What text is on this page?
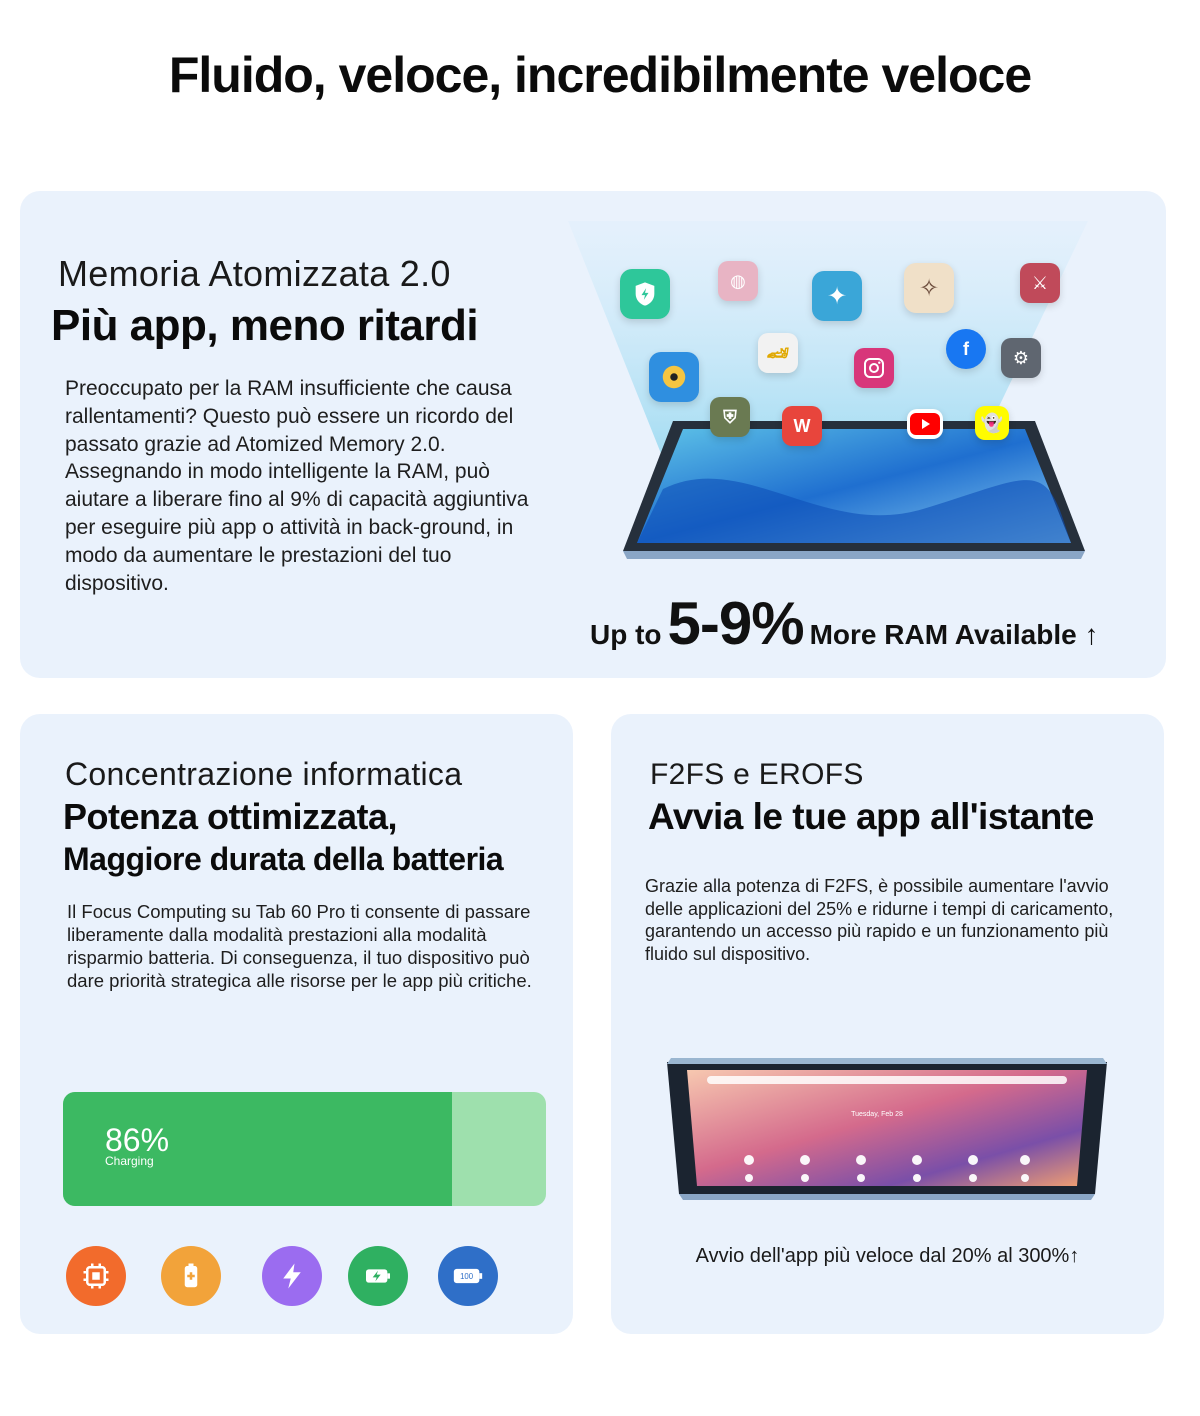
Fluido, veloce, incredibilmente veloce
Memoria Atomizzata 2.0
Più app, meno ritardi

Preoccupato per la RAM insufficiente che causa rallentamenti? Questo può essere un ricordo del passato grazie ad Atomized Memory 2.0. Assegnando in modo intelligente la RAM, può aiutare a liberare fino al 9% di capacità aggiuntiva per eseguire più app o attività in back-ground, in modo da aumentare le prestazioni del tuo dispositivo.

◍
✦	✧	⚔
🏎	f	⚙
⛨	W	👻
Up to 5-9% More RAM Available ↑
Concentrazione informatica
Potenza ottimizzata,
Maggiore durata della batteria

Il Focus Computing su Tab 60 Pro ti consente di passare liberamente dalla modalità prestazioni alla modalità risparmio batteria. Di conseguenza, il tuo dispositivo può dare priorità strategica alle risorse per le app più critiche.

86%
Charging
100
F2FS e EROFS
Avvia le tue app all'istante

Grazie alla potenza di F2FS, è possibile aumentare l'avvio delle applicazioni del 25% e ridurne i tempi di caricamento, garantendo un accesso più rapido e un funzionamento più fluido sul dispositivo.

Tuesday, Feb 28
Avvio dell'app più veloce dal 20% al 300%↑
